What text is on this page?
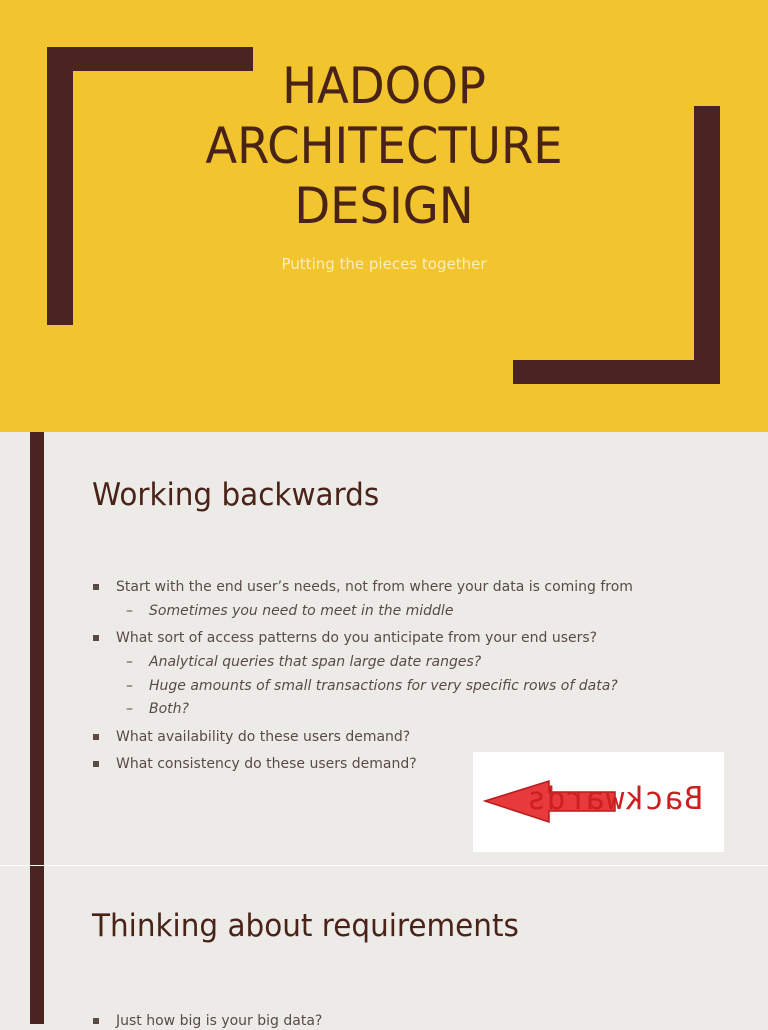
HADOOP
ARCHITECTURE
DESIGN
Putting the pieces together
Working backwards
Start with the end user’s needs, not from where your data is coming from
– Sometimes you need to meet in the middle
What sort of access patterns do you anticipate from your end users?
– Analytical queries that span large date ranges?
– Huge amounts of small transactions for very specific rows of data?
– Both?
What availability do these users demand?
What consistency do these users demand?
Backwards
Thinking about requirements
Just how big is your big data?
